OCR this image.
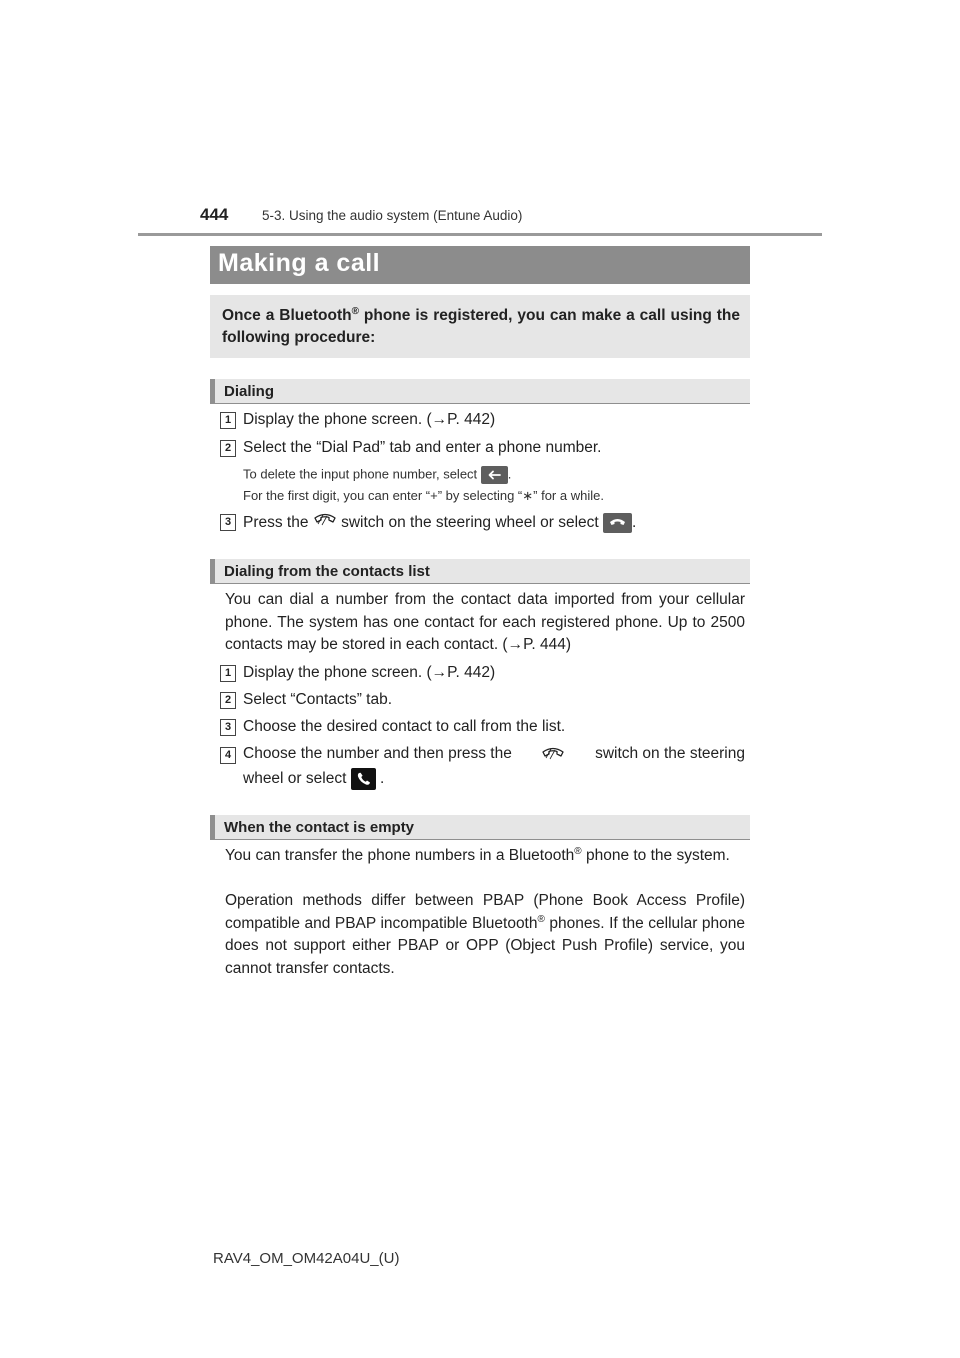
444 5-3. Using the audio system (Entune Audio)
Making a call
Once a Bluetooth® phone is registered, you can make a call using the following procedure:
Dialing
1 Display the phone screen. (→P. 442)
2 Select the “Dial Pad” tab and enter a phone number.
To delete the input phone number, select .
For the first digit, you can enter “+” by selecting “∗” for a while.
3 Press the switch on the steering wheel or select .
Dialing from the contacts list
You can dial a number from the contact data imported from your cellular phone. The system has one contact for each registered phone. Up to 2500 contacts may be stored in each contact. (→P. 444)
1 Display the phone screen. (→P. 442)
2 Select “Contacts” tab.
3 Choose the desired contact to call from the list.
4 Choose the number and then press the	switch on the steering
wheel or select .
When the contact is empty
You can transfer the phone numbers in a Bluetooth® phone to the system.
Operation methods differ between PBAP (Phone Book Access Profile) compatible and PBAP incompatible Bluetooth® phones. If the cellular phone does not support either PBAP or OPP (Object Push Profile) service, you cannot transfer contacts.
RAV4_OM_OM42A04U_(U)
